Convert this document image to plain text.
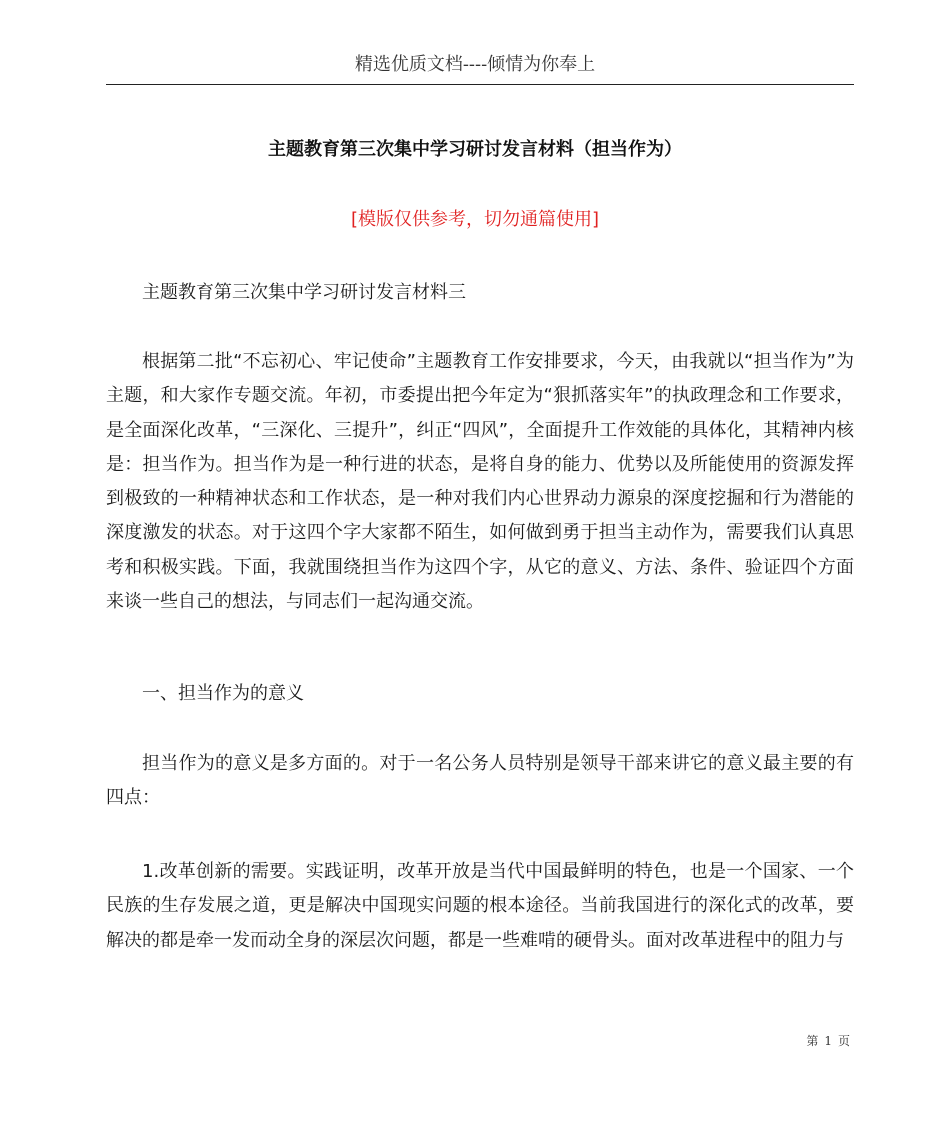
精选优质文档----倾情为你奉上
主题教育第三次集中学习研讨发言材料（担当作为）
[模版仅供参考，切勿通篇使用]

主题教育第三次集中学习研讨发言材料三

根据第二批“不忘初心、牢记使命”主题教育工作安排要求，今天，由我就以“担当作为”为主题，和大家作专题交流。年初，市委提出把今年定为“狠抓落实年”的执政理念和工作要求，是全面深化改革，“三深化、三提升”，纠正“四风”，全面提升工作效能的具体化，其精神内核是：担当作为。担当作为是一种行进的状态，是将自身的能力、优势以及所能使用的资源发挥到极致的一种精神状态和工作状态，是一种对我们内心世界动力源泉的深度挖掘和行为潜能的深度激发的状态。对于这四个字大家都不陌生，如何做到勇于担当主动作为，需要我们认真思考和积极实践。下面，我就围绕担当作为这四个字，从它的意义、方法、条件、验证四个方面来谈一些自己的想法，与同志们一起沟通交流。

一、担当作为的意义

担当作为的意义是多方面的。对于一名公务人员特别是领导干部来讲它的意义最主要的有四点：

1.改革创新的需要。实践证明，改革开放是当代中国最鲜明的特色，也是一个国家、一个民族的生存发展之道，更是解决中国现实问题的根本途径。当前我国进行的深化式的改革，要解决的都是牵一发而动全身的深层次问题，都是一些难啃的硬骨头。面对改革进程中的阻力与

第 1 页
